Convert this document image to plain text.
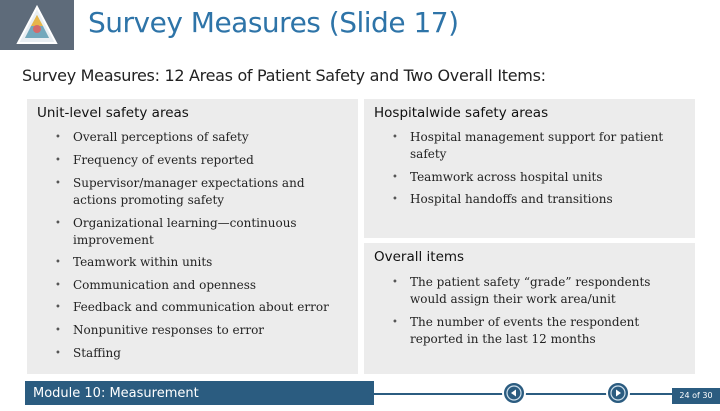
Survey Measures (Slide 17)
Survey Measures: 12 Areas of Patient Safety and Two Overall Items:
Unit-level safety areas
• Overall perceptions of safety
• Frequency of events reported
• Supervisor/manager expectations and actions promoting safety
• Organizational learning—continuous improvement
• Teamwork within units
• Communication and openness
• Feedback and communication about error
• Nonpunitive responses to error
• Staffing
Hospitalwide safety areas
• Hospital management support for patient safety
• Teamwork across hospital units
• Hospital handoffs and transitions
Overall items
• The patient safety “grade” respondents would assign their work area/unit
• The number of events the respondent reported in the last 12 months
Module 10: Measurement	24 of 30
